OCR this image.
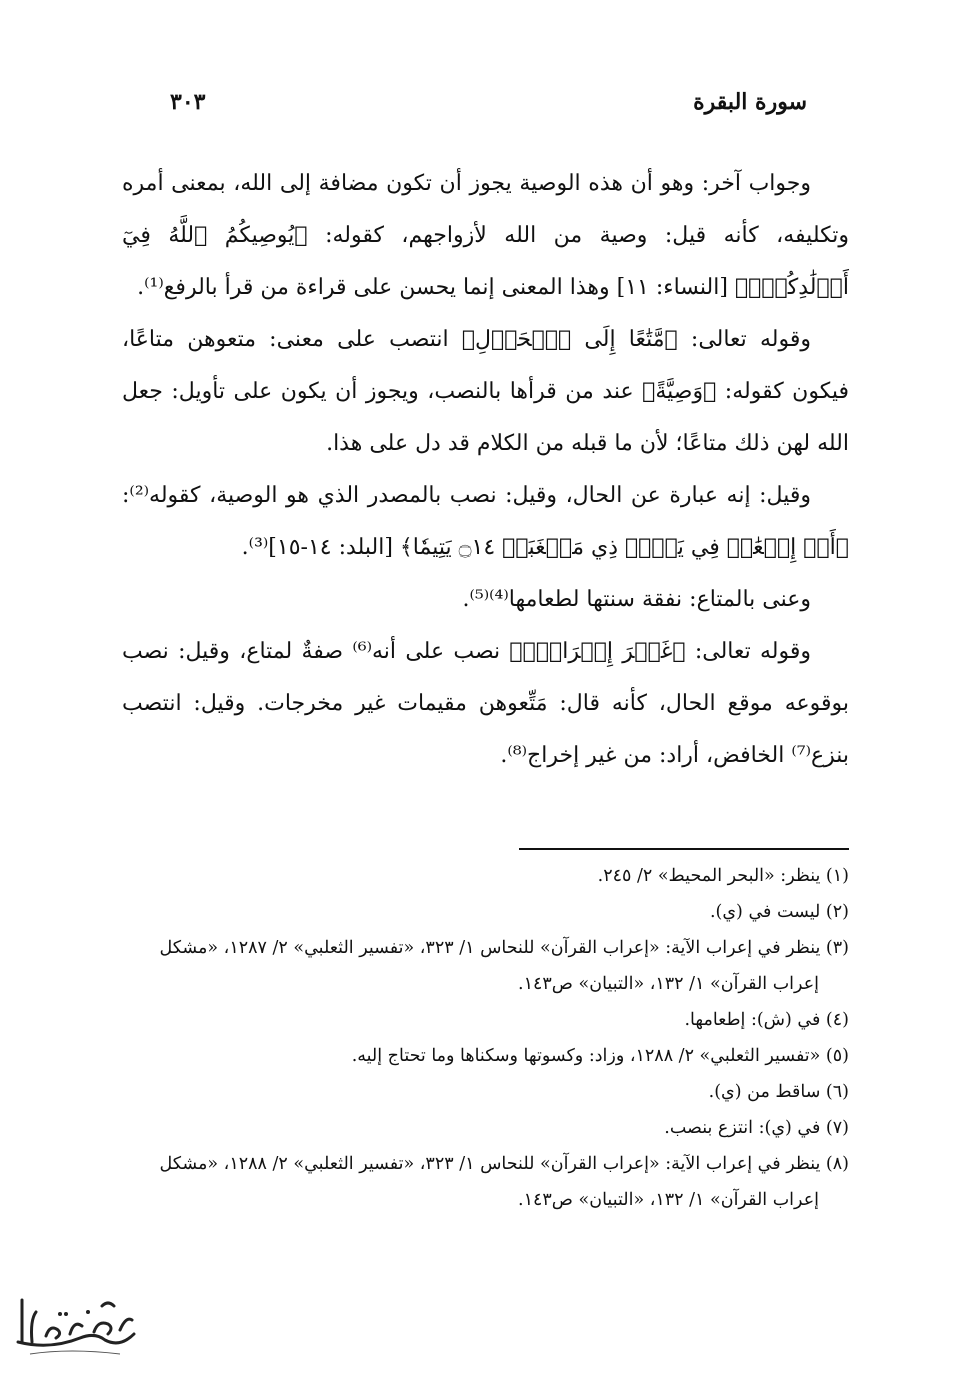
سورة البقرة
٣٠٣

وجواب آخر: وهو أن هذه الوصية يجوز أن تكون مضافة إلى الله، بمعنى أمره وتكليفه، كأنه قيل: وصية من الله لأزواجهم، كقوله: ﴿يُوصِيكُمُ ٱللَّهُ فِيٓ أَوۡلَٰدِكُمۡۖ﴾ [النساء: ١١] وهذا المعنى إنما يحسن على قراءة من قرأ بالرفع⁽¹⁾.

وقوله تعالى: ﴿مَّتَٰعًا إِلَى ٱلۡحَوۡلِ﴾ انتصب على معنى: متعوهن متاعًا، فيكون كقوله: ﴿وَصِيَّةً﴾ عند من قرأها بالنصب، ويجوز أن يكون على تأويل: جعل الله لهن ذلك متاعًا؛ لأن ما قبله من الكلام قد دل على هذا.

وقيل: إنه عبارة عن الحال، وقيل: نصب بالمصدر الذي هو الوصية، كقوله⁽²⁾: ﴿أَوۡ إِطۡعَٰمٞ فِي يَوۡمٖ ذِي مَسۡغَبَةٖ ۝١٤ يَتِيمٗا﴾ [البلد: ١٤-١٥]⁽³⁾.

وعنى بالمتاع: نفقة سنتها لطعامها⁽⁴⁾⁽⁵⁾.

وقوله تعالى: ﴿غَيۡرَ إِخۡرَاجٖۚ﴾ نصب على أنه⁽⁶⁾ صفةٌ لمتاع، وقيل: نصب بوقوعه موقع الحال، كأنه قال: مَتِّعوهن مقيمات غير مخرجات. وقيل: انتصب بنزع⁽⁷⁾ الخافض، أراد: من غير إخراج⁽⁸⁾.

(١) ينظر: «البحر المحيط» ٢/ ٢٤٥.

(٢) ليست في (ي).

(٣) ينظر في إعراب الآية: «إعراب القرآن» للنحاس ١/ ٣٢٣، «تفسير الثعلبي» ٢/ ١٢٨٧، «مشكل إعراب القرآن» ١/ ١٣٢، «التبيان» ص١٤٣.

(٤) في (ش): إطعامها.

(٥) «تفسير الثعلبي» ٢/ ١٢٨٨، وزاد: وكسوتها وسكناها وما تحتاج إليه.

(٦) ساقط من (ي).

(٧) في (ي): انتزع بنصب.

(٨) ينظر في إعراب الآية: «إعراب القرآن» للنحاس ١/ ٣٢٣، «تفسير الثعلبي» ٢/ ١٢٨٨، «مشكل إعراب القرآن» ١/ ١٣٢، «التبيان» ص١٤٣.
